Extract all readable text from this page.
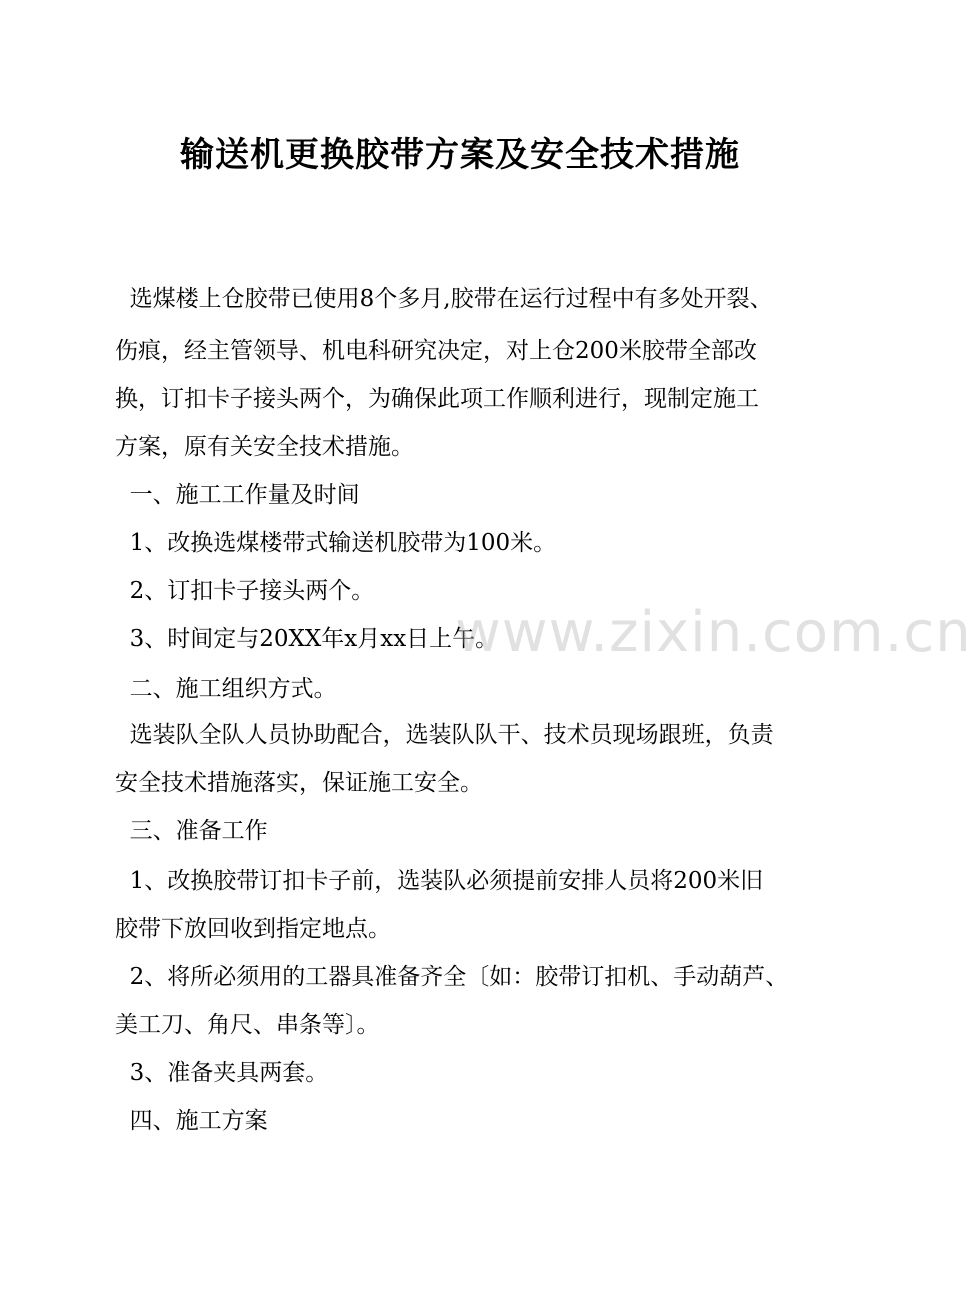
输送机更换胶带方案及安全技术措施
选煤楼上仓胶带已使用8个多月,胶带在运行过程中有多处开裂、
伤痕，经主管领导、机电科研究决定，对上仓200米胶带全部改
换，订扣卡子接头两个，为确保此项工作顺利进行，现制定施工
方案，原有关安全技术措施。
一、施工工作量及时间
1、改换选煤楼带式输送机胶带为100米。
2、订扣卡子接头两个。
3、时间定与20XX年x月xx日上午。
二、施工组织方式。
选装队全队人员协助配合，选装队队干、技术员现场跟班，负责
安全技术措施落实，保证施工安全。
三、准备工作
1、改换胶带订扣卡子前，选装队必须提前安排人员将200米旧
胶带下放回收到指定地点。
2、将所必须用的工器具准备齐全〔如：胶带订扣机、手动葫芦、
美工刀、角尺、串条等〕。
3、准备夹具两套。
四、施工方案
www.zixin.com.cn
